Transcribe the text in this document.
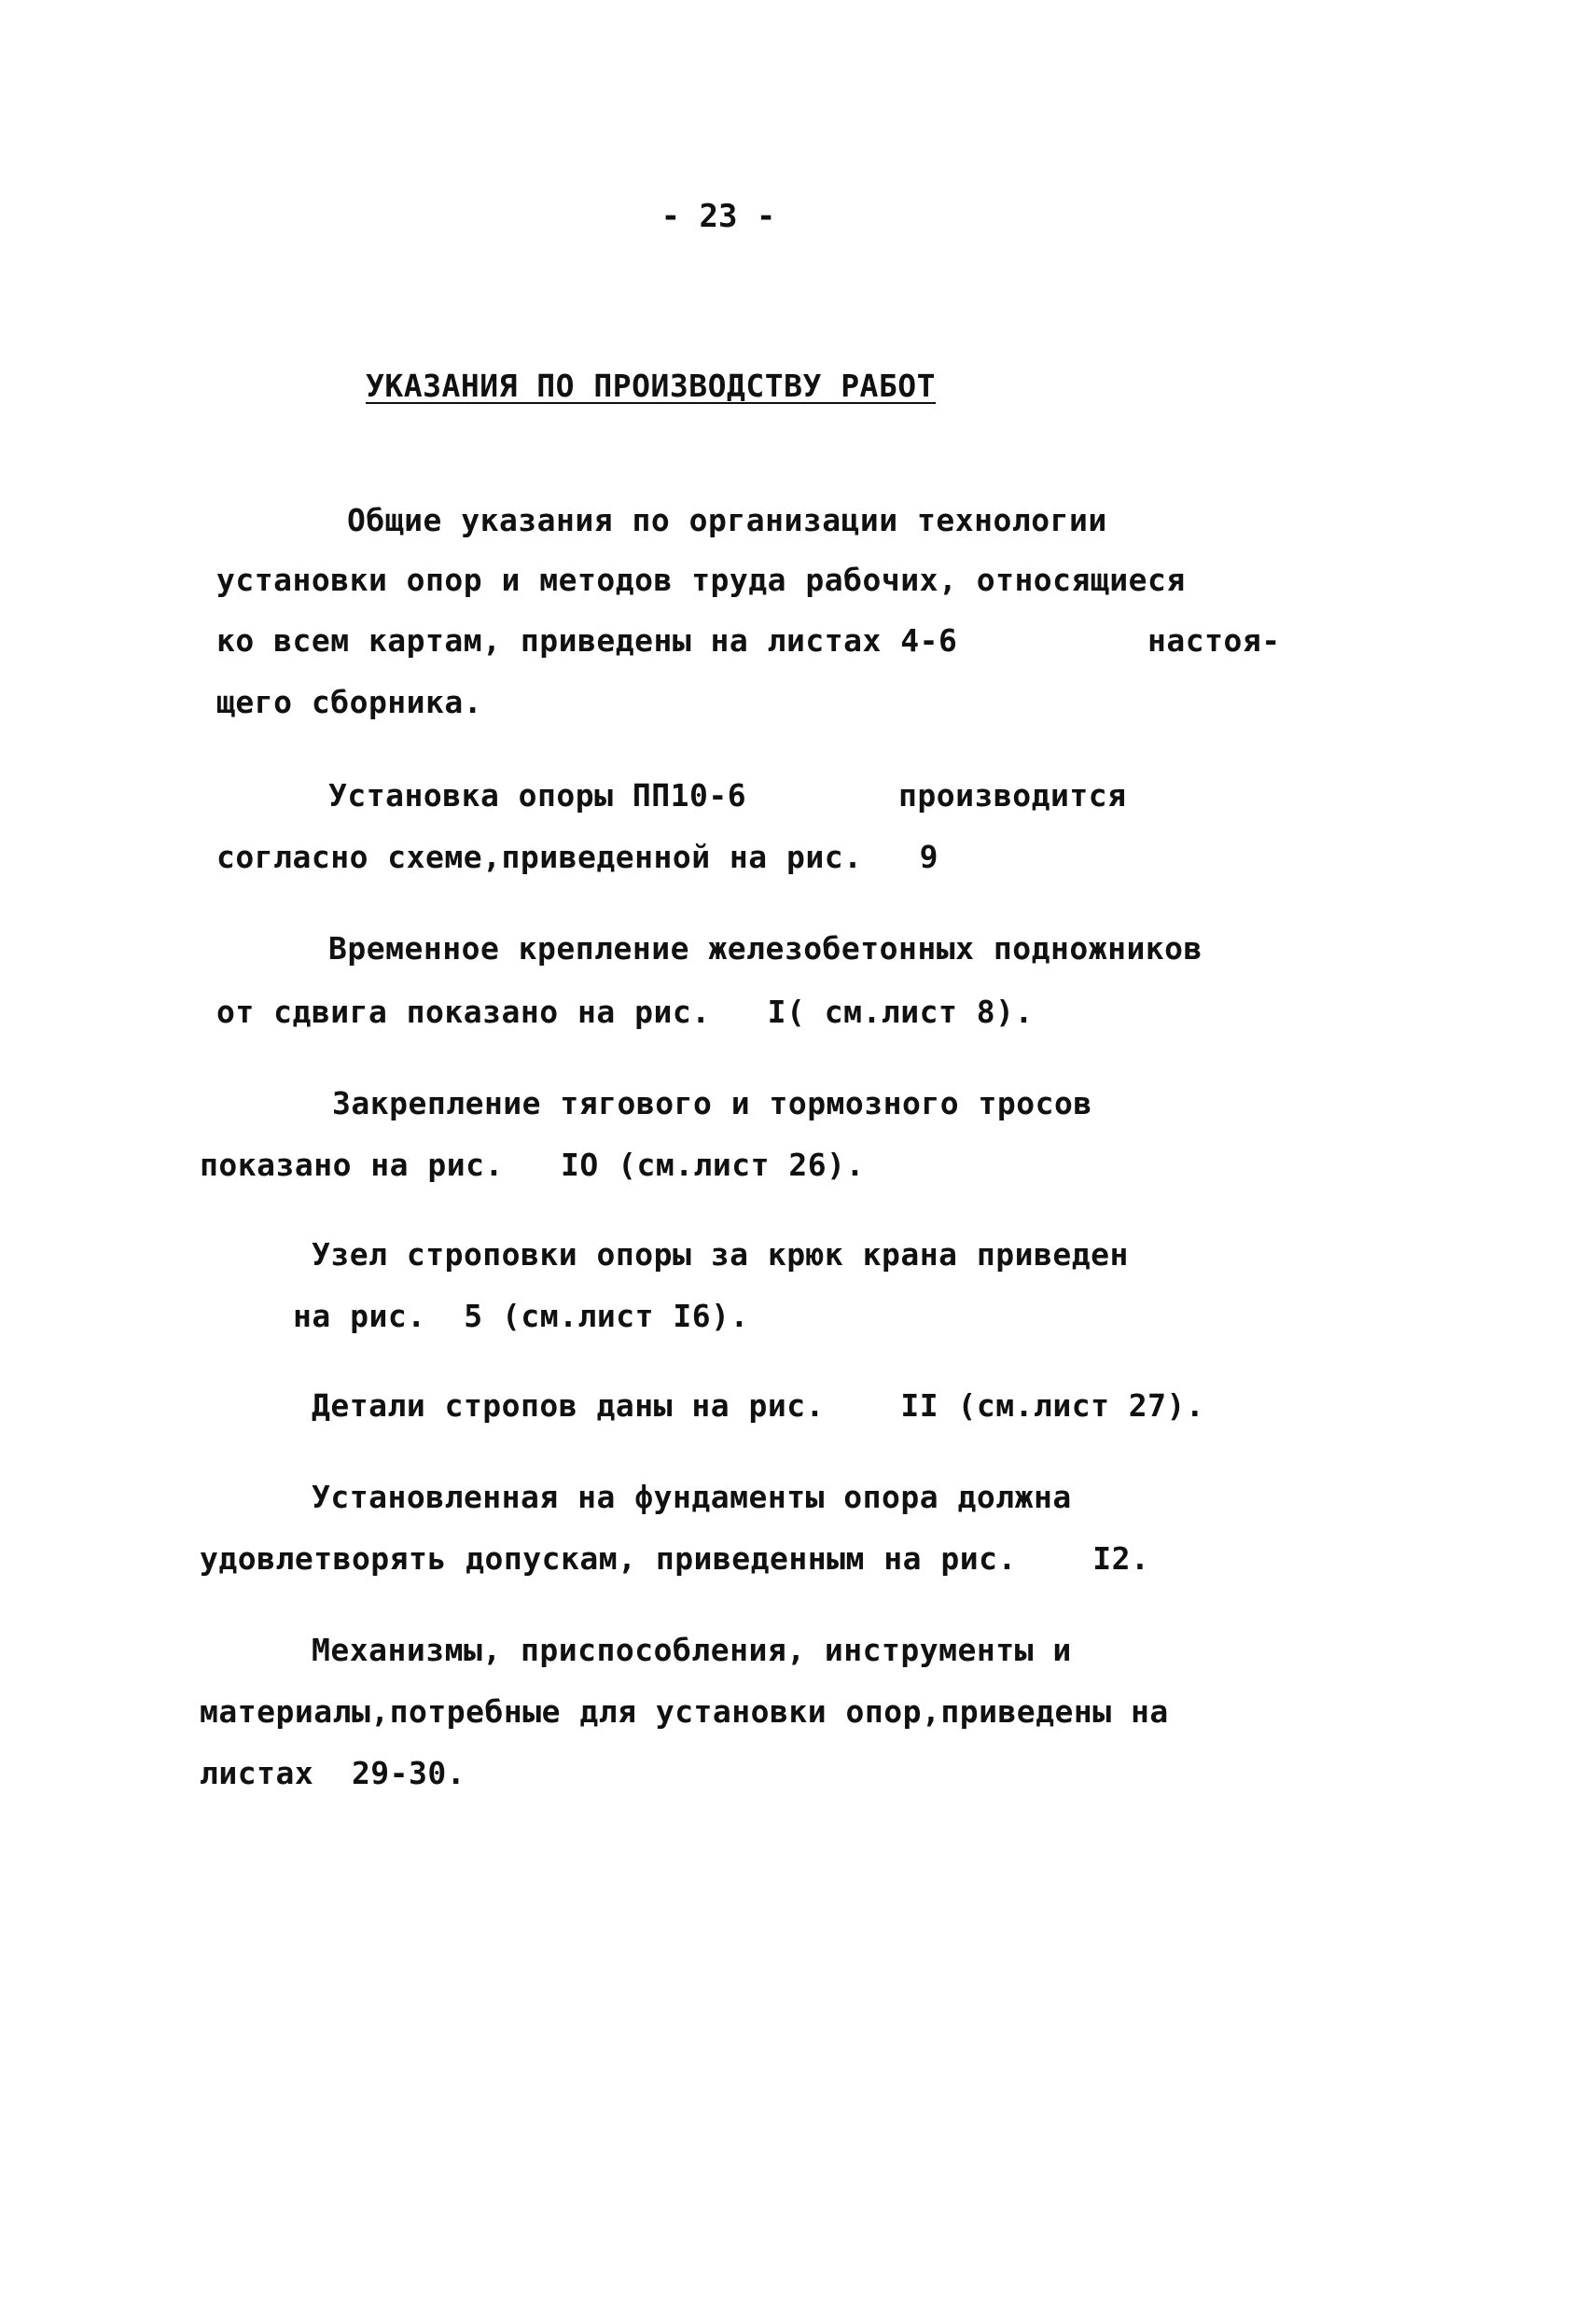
- 23 -
УКАЗАНИЯ ПО ПРОИЗВОДСТВУ РАБОТ
Общие указания по организации технологии
установки опор и методов труда рабочих, относящиеся
ко всем картам, приведены на листах 4-6          настоя-
щего сборника.
Установка опоры ПП10-6        производится
согласно схеме,приведенной на рис.   9
Временное крепление железобетонных подножников
от сдвига показано на рис.   I( см.лист 8).
Закрепление тягового и тормозного тросов
показано на рис.   IO (см.лист 26).
Узел строповки опоры за крюк крана приведен
на рис.  5 (см.лист I6).
Детали стропов даны на рис.    II (см.лист 27).
Установленная на фундаменты опора должна
удовлетворять допускам, приведенным на рис.    I2.
Механизмы, приспособления, инструменты и
материалы,потребные для установки опор,приведены на
листах  29-30.
